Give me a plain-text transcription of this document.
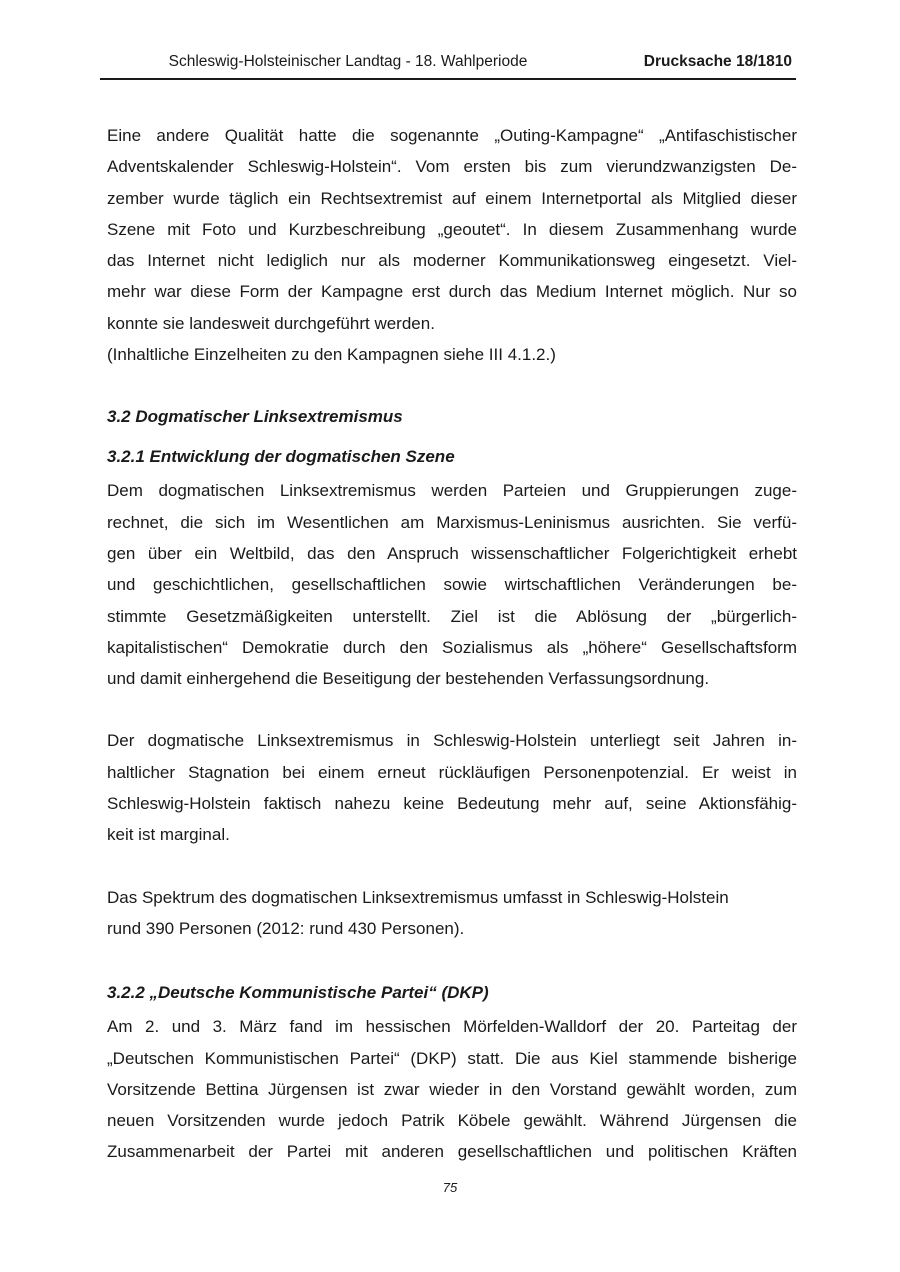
Schleswig-Holsteinischer Landtag - 18. Wahlperiode	Drucksache 18/1810
Eine andere Qualität hatte die sogenannte „Outing-Kampagne“ „Antifaschistischer
Adventskalender Schleswig-Holstein“. Vom ersten bis zum vierundzwanzigsten De-
zember wurde täglich ein Rechtsextremist auf einem Internetportal als Mitglied dieser
Szene mit Foto und Kurzbeschreibung „geoutet“. In diesem Zusammenhang wurde
das Internet nicht lediglich nur als moderner Kommunikationsweg eingesetzt. Viel-
mehr war diese Form der Kampagne erst durch das Medium Internet möglich. Nur so
konnte sie landesweit durchgeführt werden.
(Inhaltliche Einzelheiten zu den Kampagnen siehe III 4.1.2.)
3.2 Dogmatischer Linksextremismus
3.2.1 Entwicklung der dogmatischen Szene
Dem dogmatischen Linksextremismus werden Parteien und Gruppierungen zuge-
rechnet, die sich im Wesentlichen am Marxismus-Leninismus ausrichten. Sie verfü-
gen über ein Weltbild, das den Anspruch wissenschaftlicher Folgerichtigkeit erhebt
und geschichtlichen, gesellschaftlichen sowie wirtschaftlichen Veränderungen be-
stimmte Gesetzmäßigkeiten unterstellt. Ziel ist die Ablösung der „bürgerlich-
kapitalistischen“ Demokratie durch den Sozialismus als „höhere“ Gesellschaftsform
und damit einhergehend die Beseitigung der bestehenden Verfassungsordnung.
Der dogmatische Linksextremismus in Schleswig-Holstein unterliegt seit Jahren in-
haltlicher Stagnation bei einem erneut rückläufigen Personenpotenzial. Er weist in
Schleswig-Holstein faktisch nahezu keine Bedeutung mehr auf, seine Aktionsfähig-
keit ist marginal.
Das Spektrum des dogmatischen Linksextremismus umfasst in Schleswig-Holstein
rund 390 Personen (2012: rund 430 Personen).
3.2.2 „Deutsche Kommunistische Partei“ (DKP)
Am 2. und 3. März fand im hessischen Mörfelden-Walldorf der 20. Parteitag der
„Deutschen Kommunistischen Partei“ (DKP) statt. Die aus Kiel stammende bisherige
Vorsitzende Bettina Jürgensen ist zwar wieder in den Vorstand gewählt worden, zum
neuen Vorsitzenden wurde jedoch Patrik Köbele gewählt. Während Jürgensen die
Zusammenarbeit der Partei mit anderen gesellschaftlichen und politischen Kräften
75
